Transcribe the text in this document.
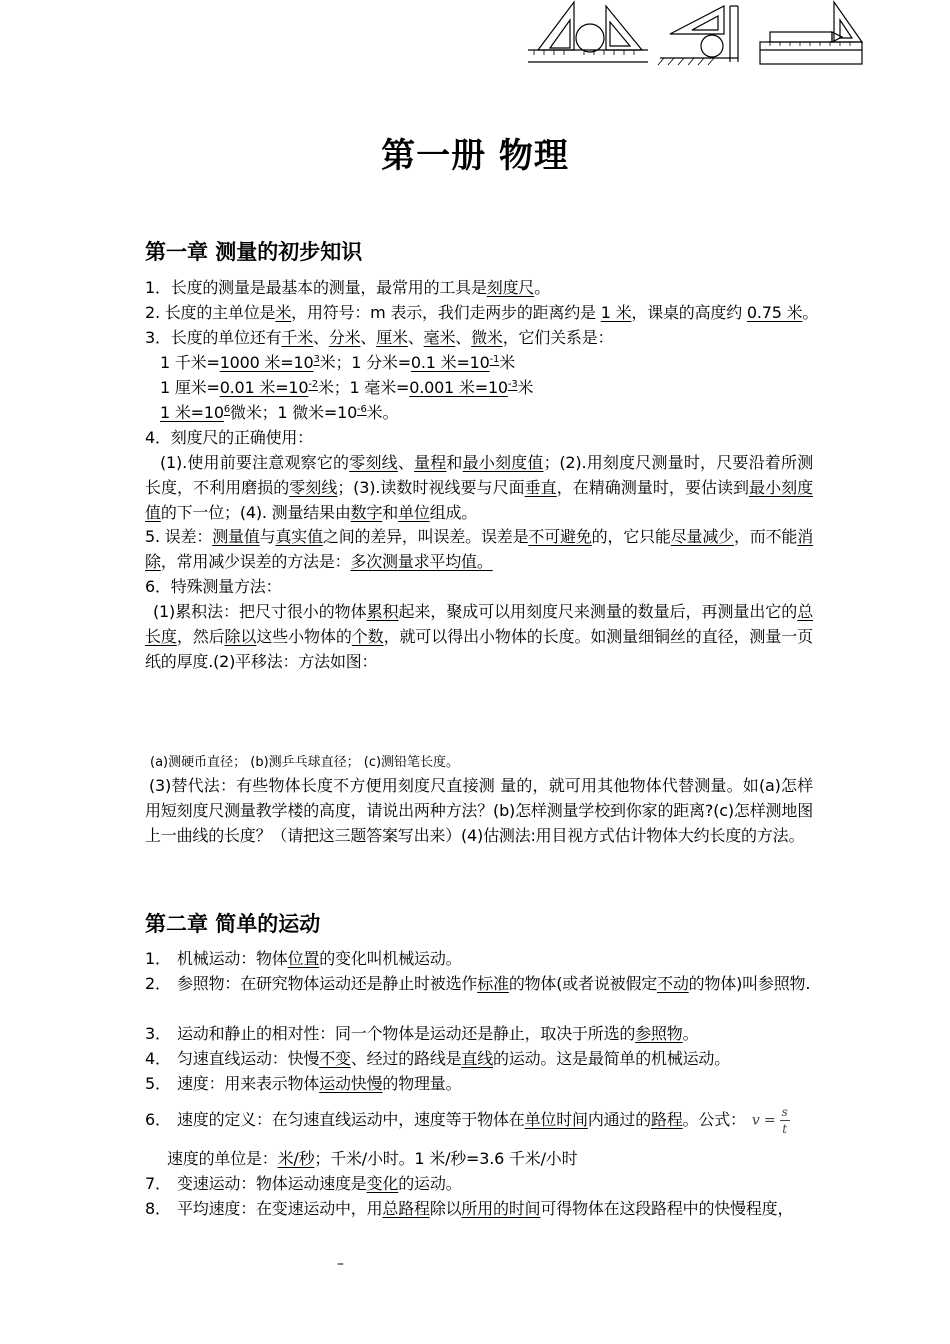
第一册 物理
第一章 测量的初步知识
1．长度的测量是最基本的测量，最常用的工具是刻度尺。
2. 长度的主单位是米，用符号：m 表示，我们走两步的距离约是 1 米，课桌的高度约 0.75 米。
3．长度的单位还有千米、分米、厘米、毫米、微米，它们关系是：
1 千米=1000 米$=10^3$米；1 分米=0.1 米$=10^{-1}$米
1 厘米=0.01 米$=10^{-2}$米；1 毫米=0.001 米$=10^{-3}$米
1 米$=10^6$微米；1 微米$=10^{-6}$米。
4．刻度尺的正确使用：
(1).使用前要注意观察它的零刻线、量程和最小刻度值；(2).用刻度尺测量时，尺要沿着所测长度，不利用磨损的零刻线；(3).读数时视线要与尺面垂直，在精确测量时，要估读到最小刻度值的下一位；(4). 测量结果由数字和单位组成。
5. 误差：测量值与真实值之间的差异，叫误差。误差是不可避免的，它只能尽量减少，而不能消除，常用减少误差的方法是：多次测量求平均值。
6．特殊测量方法：
(1)累积法：把尺寸很小的物体累积起来，聚成可以用刻度尺来测量的数量后，再测量出它的总长度，然后除以这些小物体的个数，就可以得出小物体的长度。如测量细铜丝的直径，测量一页纸的厚度.(2)平移法：方法如图：
(a)测硬币直径； (b)测乒乓球直径； (c)测铅笔长度。
(3)替代法：有些物体长度不方便用刻度尺直接测 量的，就可用其他物体代替测量。如(a)怎样用短刻度尺测量教学楼的高度，请说出两种方法？(b)怎样测量学校到你家的距离?(c)怎样测地图上一曲线的长度？（请把这三题答案写出来）(4)估测法:用目视方式估计物体大约长度的方法。
第二章 简单的运动
1． 机械运动：物体位置的变化叫机械运动。
2． 参照物：在研究物体运动还是静止时被选作标准的物体(或者说被假定不动的物体)叫参照物.
3． 运动和静止的相对性：同一个物体是运动还是静止，取决于所选的参照物。
4． 匀速直线运动：快慢不变、经过的路线是直线的运动。这是最简单的机械运动。
5． 速度：用来表示物体运动快慢的物理量。
6． 速度的定义：在匀速直线运动中，速度等于物体在单位时间内通过的路程。公式： $v = \frac{s}{t}$
速度的单位是：米/秒；千米/小时。1 米/秒=3.6 千米/小时
7． 变速运动：物体运动速度是变化的运动。
8． 平均速度：在变速运动中，用总路程除以所用的时间可得物体在这段路程中的快慢程度，
–
